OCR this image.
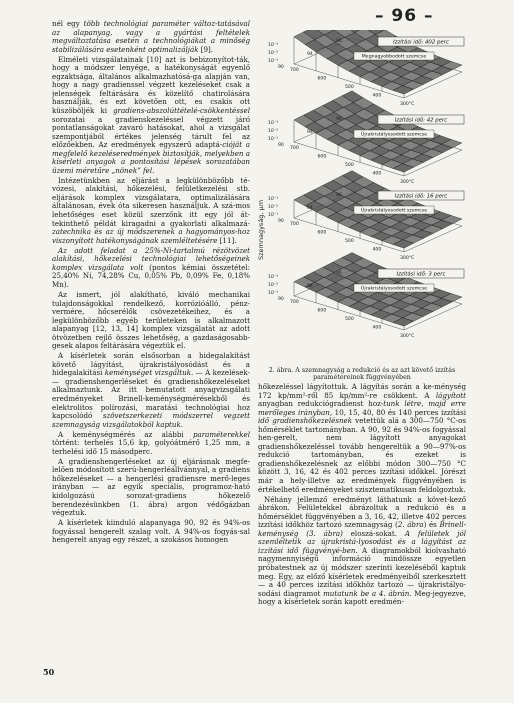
– 96 –

nél egy több technológiai paraméter változ-tatásával az alapanyag, vagy a gyártási feltételek megváltoztatása esetén a technológiákat a minőség stabilizálására esetenként optimalizálják [9].

Elméleti vizsgálatainak [10] azt is bebizonyítot-ták, hogy a módszer lenyége, a hatékonyságát egyenlő egzaktsága, általános alkalmazhatósá-ga alapján van, hogy a nagy gradienssel végzett kezeléseket csak a jelenségek feltárására és közelítő chatirolására használják, és ezt követően ott, es csakis ott küszöböljék ki gradiens-abszolúttételé-csökkentéssel sorozatai a gradienskezeléssel végzett járó pontatlanságokat zavaró hatásokat, ahol a vizsgálat szempontjából értékes jelenség tárult fel az előzőekben. Az eredmények egyszerű adaptá-cióját a megfelelő kezeléseredmények biztosítják, melyekben a kísérleti anyagok a pontosítási lépések sorozatában üzemi méretűre „nönek” fel.

Intézetünkben az eljárást a legkülönbözőbb té-vózesi, alakítási, hőkezelési, felületkezelési stb. eljárások komplex vizsgálatara, optimalizálására általánosan, évek óta sikeresen használjuk. A szá-mos lehetőséges eset közül szerzőnk itt egy jól át-tekinthető példát kiragadni a gyakorlati alkalmazá-zatechnika és az új módszerenek a hagyományos-hoz viszonyított hatékonyságának szemléltetésére [11].

Az adott feladat a 25%-Ni-tartalmú rézötvözet alakítási, hőkezelési technológiai lehetőségeinek komplex vizsgálata volt (pontos kémiai összetétel: 25,40% Ni, 74,28% Cu, 0,05% Pb, 0,09% Fe, 0,18% Mn).

Az ismert, jól alakítható, kiváló mechanikai tulajdonságokkal rendelkező, korrózióálló, pénz-vermére, hőcserélők csövezetékeihez, és a legkülönbözőbb egyéb területeken is alkalmazott alapanyag [12, 13, 14] komplex vizsgálatát az adott ötvözetben rejlő összes lehetőség, a gazdaságosabb-gesek alapos feltárására végeztük el.

A kísérletek során elsősorban a hidegalakítást követő lágyítást, újrakristályosódást és a hidegalakítási keménységet vizsgáltuk. — A kezelések-— gradienshengerléseket és gradienshőkezeléseket alkalmaztunk. Az itt bemutatott anyagvizsgálati eredményeket Brinell-keménységmérésekből és elektrolitos polírozási, maratási technológiai hoz kapcsolódó szövetszerkezeti módszerrel vegzett szemnagyság vizsgálatokból kaptuk.

A keménységmérés az alábbi paraméterekkel történt: terhelés 15,6 kp, golyóátmérő 1,25 mm, a terhelési idő 15 másodperc.

A gradienshengerléseket az új eljárásnak megfe-lelően módosított szerú-hengerléállvánnyal, a gradiens hőkezeléseket — a hengerlési gradiensre merő-leges irányban — az egyik speciális, programoz-ható kidolgozású sorozat-gradiens hőkezelő berendezésünkben (1. ábra) argon védőgázban végeztuk.

A kísérletek kiinduló alapanyaga 90, 92 és 94%-os fogyással hengerelt szalag volt. A 94%-os fogyás-sal hengerelt anyag egy részet, a szokásos homogen

Szemnagyság, μm
10⁻¹
10⁻²
10⁻³	Izzítási idő: 402 perc
Megnagyobbodott szemcse
700
600
500
400
300°C
90
94
96
10⁻¹
10⁻²
10⁻³	Izzítási idő: 42 perc
Újrakristályosodott szemcse
700
600
500
400
300°C
90
94
96
10⁻¹
10⁻²
10⁻³	Izzítási idő: 16 perc
Újrakristályosodott szemcse
700
600
500
400
300°C
90
94
96
10⁻¹
10⁻²
10⁻³	Izzítási idő: 3 perc
Újrakristályosodott szemcse
700
600
500
400
300°C
90
94
96
2. ábra. A szemnagyság a redukció és az azt követő izzítás paramétereinek függvényében

hőkezeléssel lágyítottuk. A lágyítás során a ke-ménység 172 kp/mm²-ről 85 kp/mm²-re csökkent. A lágyított anyagban redukciógradienst hoz-tunk létre, majd erre merőleges irányban, 10, 15, 40, 80 és 140 perces izzítási idő gradienshőkezelésnek vetettük alá a 300—750 °C-os hőmérséklet tartományban. A 90, 92 és 94%-os fogyással hen-gerelt, nem lágyított anyagokat gradienshőkezeléssel tovább hengereltük a 90—97%-os redukció tartományban, és ezeket is gradienshőkezelésnek az előbbi módon 300—750 °C között 3, 16, 42 és 402 perces izzítási időkkel. Jórészt már a hely-illetve az eredmények függvényében is értékelhető eredményeket szisztematikusan feldolgoztuk.

Néhány jellemző eredményt láthatunk a követ-kező ábrákon. Felületekkel ábrázoltuk a redukció és a hőmérséklet függvényében a 3, 16, 42, illetve 402 perces izzítási időkhöz tartozó szemnagyság (2. ábra) és Brinell-keménység (3. ábra) eloszá-sokat. A felületek jól szemléltetik az újrakristá-lyosodást és a lágyítást az izzítási idő függvényé-ben. A diagramokból kiolvasható nagymennyiségű információ mindössze egyetlen próbatestnek az új módszer szerinti kezeléséből kaptuk meg. Egy, az előző kísérletek eredményeiből szerkesztett — a 40 perces izzítási időkhöz tartozó — újrakristályo-sodási diagramot mutatunk be a 4. ábrán. Meg-jegyezve, hogy a kísérletek során kapott eredmén-

50
